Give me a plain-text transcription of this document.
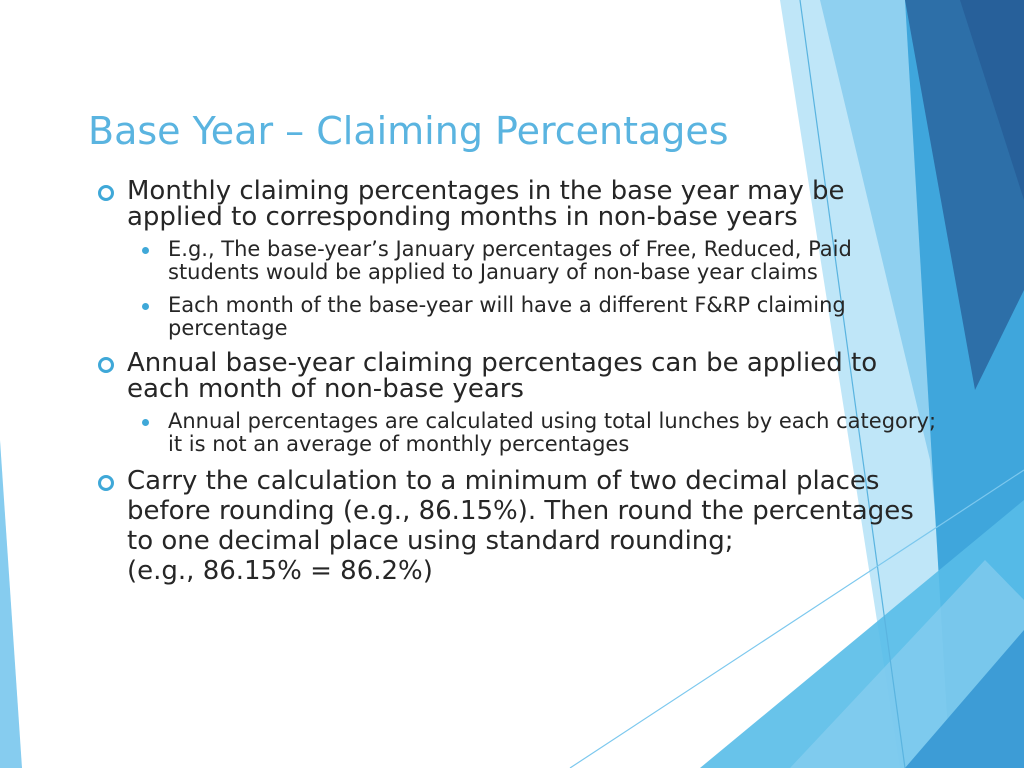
Base Year – Claiming Percentages
Monthly claiming percentages in the base year may be applied to corresponding months in non-base years
E.g., The base-year’s January percentages of Free, Reduced, Paid students would be applied to January of non-base year claims
Each month of the base-year will have a different F&RP claiming percentage
Annual base-year claiming percentages can be applied to each month of non-base years
Annual percentages are calculated using total lunches by each category; it is not an average of monthly percentages
Carry the calculation to a minimum of two decimal places before rounding (e.g., 86.15%). Then round the percentages to one decimal place using standard rounding;
(e.g., 86.15% = 86.2%)
